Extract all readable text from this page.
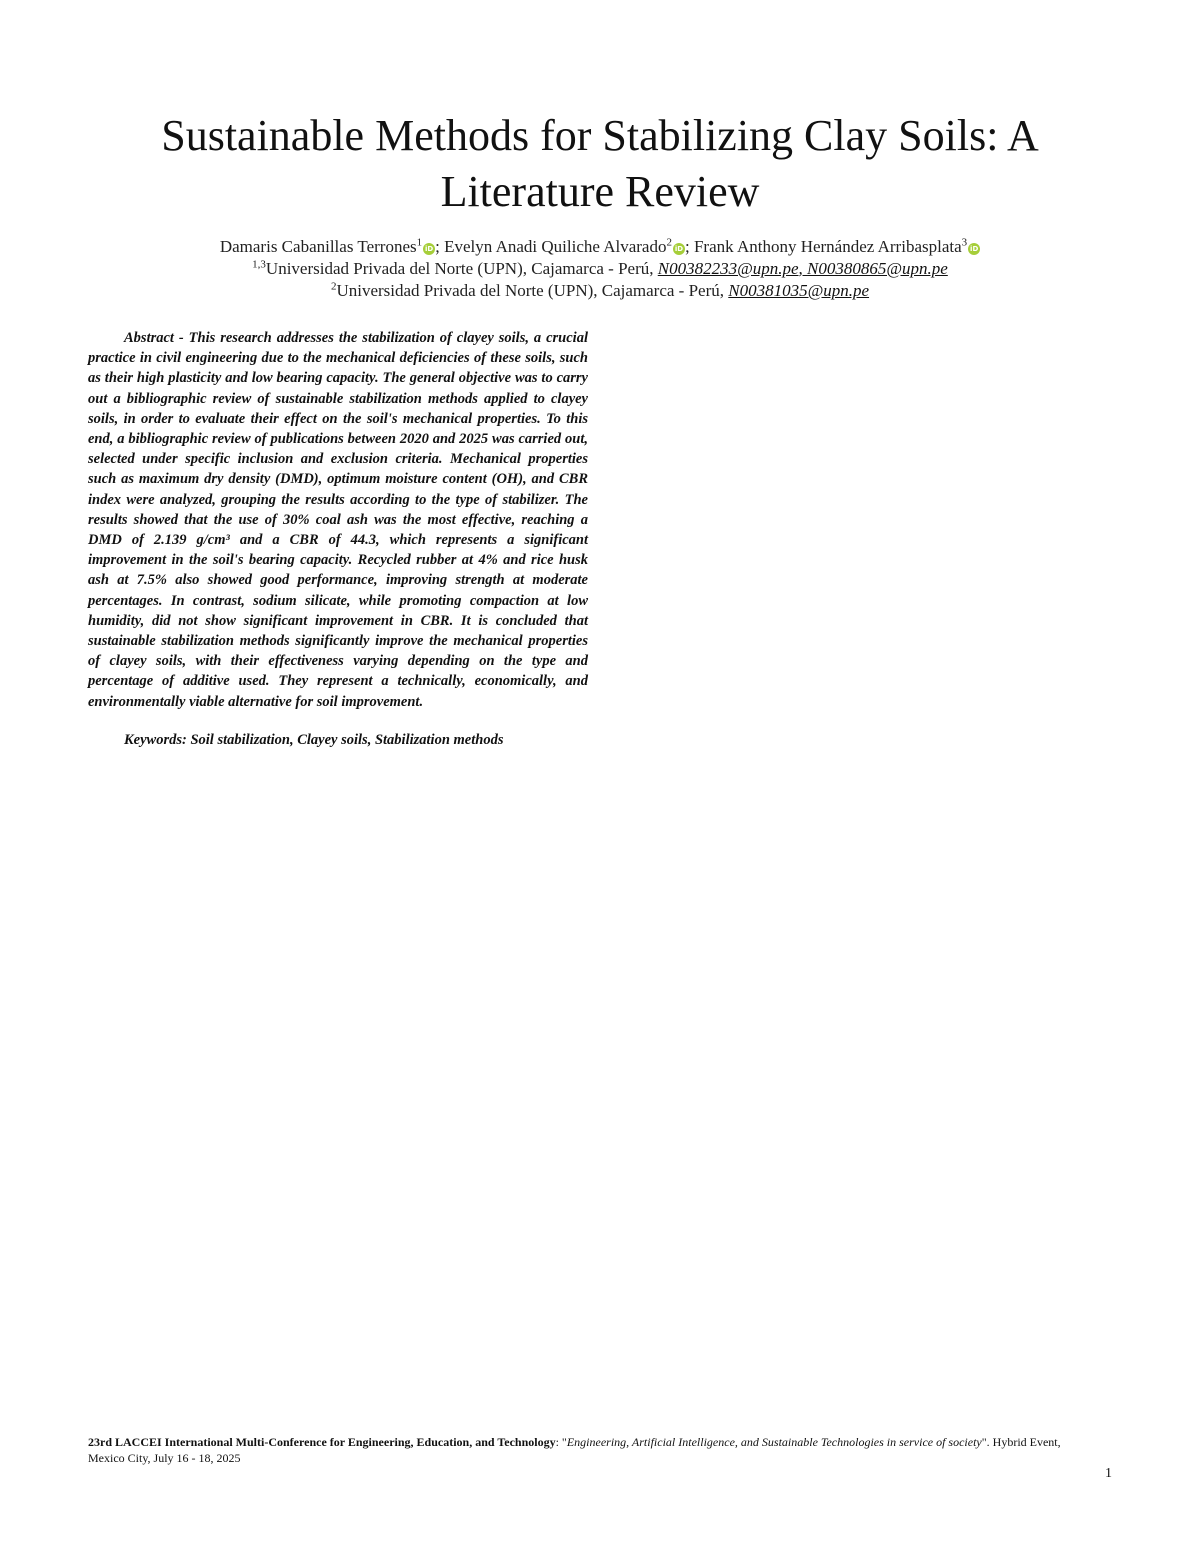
Sustainable Methods for Stabilizing Clay Soils: A Literature Review
Damaris Cabanillas Terrones$^1$iD ; Evelyn Anadi Quiliche Alvarado$^2$iD ; Frank Anthony Hernández Arribasplata$^3$iD
$^{1,3}$Universidad Privada del Norte (UPN), Cajamarca - Perú, N00382233@upn.pe, N00380865@upn.pe
$^2$Universidad Privada del Norte (UPN), Cajamarca - Perú, N00381035@upn.pe

Abstract - This research addresses the stabilization of clayey soils, a crucial practice in civil engineering due to the mechanical deficiencies of these soils, such as their high plasticity and low bearing capacity. The general objective was to carry out a bibliographic review of sustainable stabilization methods applied to clayey soils, in order to evaluate their effect on the soil's mechanical properties. To this end, a bibliographic review of publications between 2020 and 2025 was carried out, selected under specific inclusion and exclusion criteria. Mechanical properties such as maximum dry density (DMD), optimum moisture content (OH), and CBR index were analyzed, grouping the results according to the type of stabilizer. The results showed that the use of 30% coal ash was the most effective, reaching a DMD of 2.139 g/cm³ and a CBR of 44.3, which represents a significant improvement in the soil's bearing capacity. Recycled rubber at 4% and rice husk ash at 7.5% also showed good performance, improving strength at moderate percentages. In contrast, sodium silicate, while promoting compaction at low humidity, did not show significant improvement in CBR. It is concluded that sustainable stabilization methods significantly improve the mechanical properties of clayey soils, with their effectiveness varying depending on the type and percentage of additive used. They represent a technically, economically, and environmentally viable alternative for soil improvement.

Keywords: Soil stabilization, Clayey soils, Stabilization methods

23rd LACCEI International Multi-Conference for Engineering, Education, and Technology: "Engineering, Artificial Intelligence, and Sustainable Technologies in service of society". Hybrid Event, Mexico City, July 16 - 18, 2025
1
